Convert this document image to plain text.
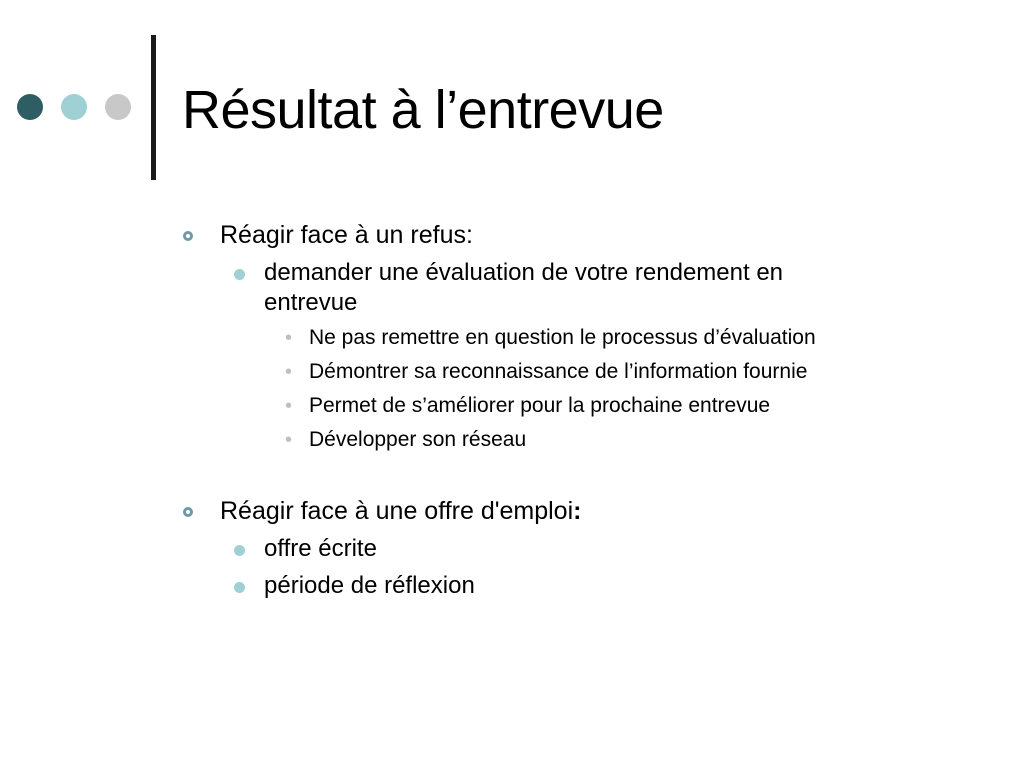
Résultat à l’entrevue
Réagir face à un refus:
demander une évaluation de votre rendement en
entrevue
• Ne pas remettre en question le processus d’évaluation
• Démontrer sa reconnaissance de l’information fournie
• Permet de s’améliorer pour la prochaine entrevue
• Développer son réseau
Réagir face à une offre d'emploi:
offre écrite
période de réflexion
